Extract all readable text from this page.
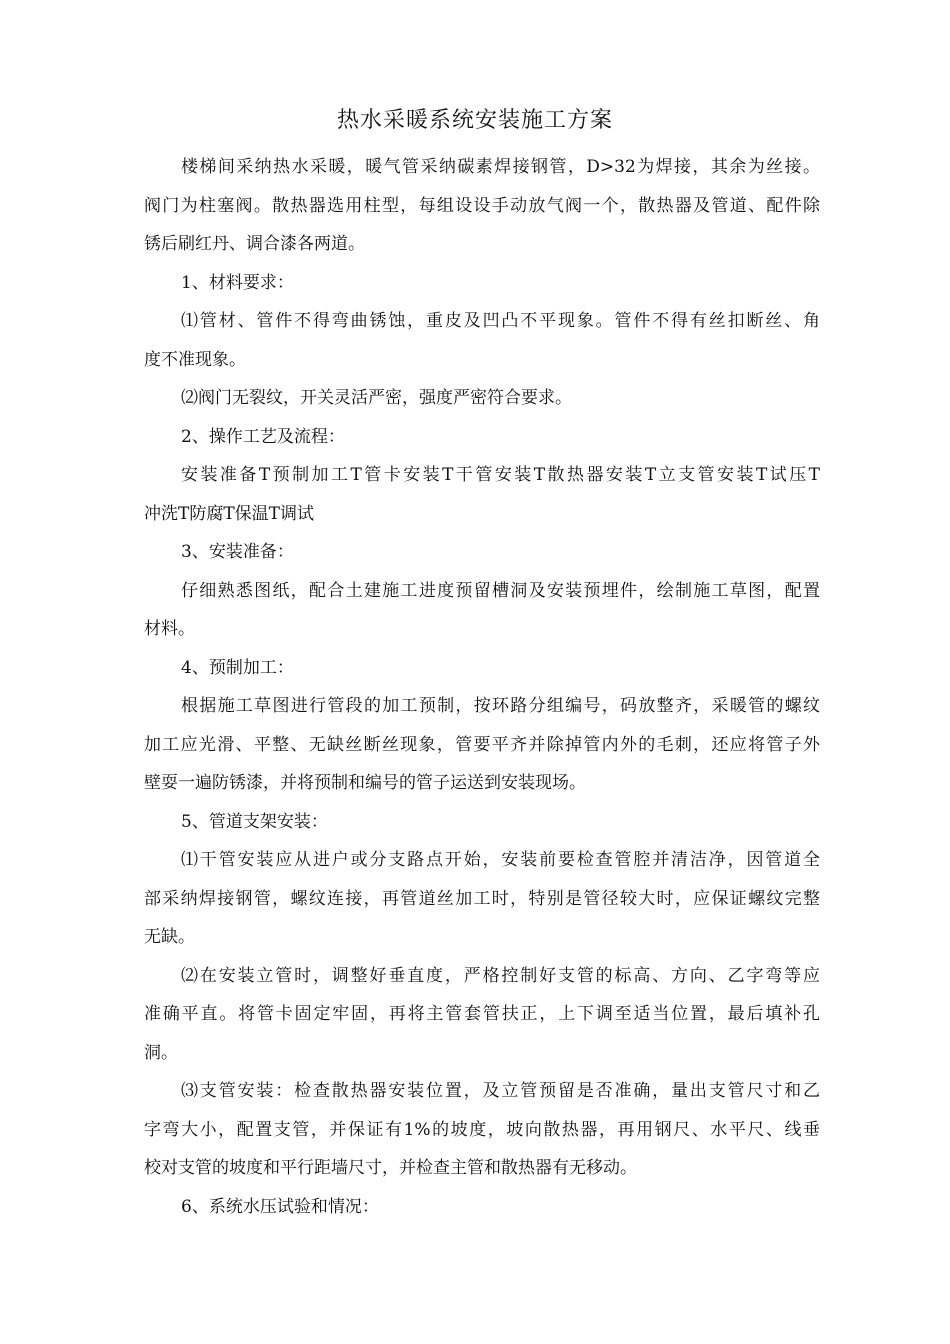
热水采暖系统安装施工方案
楼梯间采纳热水采暖，暖气管采纳碳素焊接钢管，D>32为焊接，其余为丝接。
阀门为柱塞阀。散热器选用柱型，每组设设手动放气阀一个，散热器及管道、配件除
锈后刷红丹、调合漆各两道。
1、材料要求：
⑴管材、管件不得弯曲锈蚀，重皮及凹凸不平现象。管件不得有丝扣断丝、角
度不准现象。
⑵阀门无裂纹，开关灵活严密，强度严密符合要求。
2、操作工艺及流程：
安装准备T预制加工T管卡安装T干管安装T散热器安装T立支管安装T试压T
冲洗T防腐T保温T调试
3、安装准备：
仔细熟悉图纸，配合土建施工进度预留槽洞及安装预埋件，绘制施工草图，配置
材料。
4、预制加工：
根据施工草图进行管段的加工预制，按环路分组编号，码放整齐，采暖管的螺纹
加工应光滑、平整、无缺丝断丝现象，管要平齐并除掉管内外的毛刺，还应将管子外
壁耍一遍防锈漆，并将预制和编号的管子运送到安装现场。
5、管道支架安装：
⑴干管安装应从进户或分支路点开始，安装前要检查管腔并清洁净，因管道全
部采纳焊接钢管，螺纹连接，再管道丝加工时，特别是管径较大时，应保证螺纹完整
无缺。
⑵在安装立管时，调整好垂直度，严格控制好支管的标高、方向、乙字弯等应
准确平直。将管卡固定牢固，再将主管套管扶正，上下调至适当位置，最后填补孔
洞。
⑶支管安装：检查散热器安装位置，及立管预留是否准确，量出支管尺寸和乙
字弯大小，配置支管，并保证有1%的坡度，坡向散热器，再用钢尺、水平尺、线垂
校对支管的坡度和平行距墙尺寸，并检查主管和散热器有无移动。
6、系统水压试验和情况：
